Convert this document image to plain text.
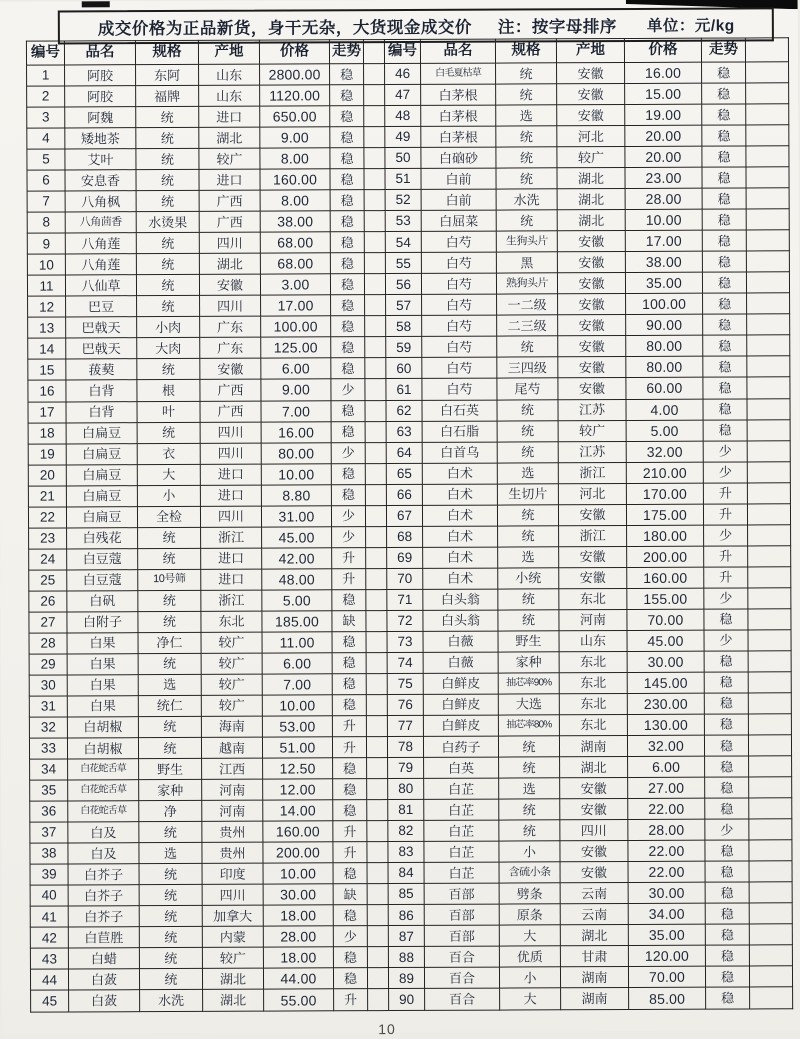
成交价格为正品新货，身干无杂，大货现金成交价 注：按字母排序 单位：元/kg
编号	品名	规格	产地	价格	走势		编号	品名	规格	产地	价格	走势	
1	阿胶	东阿	山东	2800.00	稳		46	白毛夏枯草	统	安徽	16.00	稳	
2	阿胶	福牌	山东	1120.00	稳		47	白茅根	统	安徽	15.00	稳	
3	阿魏	统	进口	650.00	稳		48	白茅根	选	安徽	19.00	稳	
4	矮地茶	统	湖北	9.00	稳		49	白茅根	统	河北	20.00	稳	
5	艾叶	统	较广	8.00	稳		50	白硇砂	统	较广	20.00	稳	
6	安息香	统	进口	160.00	稳		51	白前	统	湖北	23.00	稳	
7	八角枫	统	广西	8.00	稳		52	白前	水洗	湖北	28.00	稳	
8	八角茴香	水烫果	广西	38.00	稳		53	白屈菜	统	湖北	10.00	稳	
9	八角莲	统	四川	68.00	稳		54	白芍	生狗头片	安徽	17.00	稳	
10	八角莲	统	湖北	68.00	稳		55	白芍	黑	安徽	38.00	稳	
11	八仙草	统	安徽	3.00	稳		56	白芍	熟狗头片	安徽	35.00	稳	
12	巴豆	统	四川	17.00	稳		57	白芍	一二级	安徽	100.00	稳	
13	巴戟天	小肉	广东	100.00	稳		58	白芍	二三级	安徽	90.00	稳	
14	巴戟天	大肉	广东	125.00	稳		59	白芍	统	安徽	80.00	稳	
15	菝葜	统	安徽	6.00	稳		60	白芍	三四级	安徽	80.00	稳	
16	白背	根	广西	9.00	少		61	白芍	尾芍	安徽	60.00	稳	
17	白背	叶	广西	7.00	稳		62	白石英	统	江苏	4.00	稳	
18	白扁豆	统	四川	16.00	稳		63	白石脂	统	较广	5.00	稳	
19	白扁豆	衣	四川	80.00	少		64	白首乌	统	江苏	32.00	少	
20	白扁豆	大	进口	10.00	稳		65	白术	选	浙江	210.00	少	
21	白扁豆	小	进口	8.80	稳		66	白术	生切片	河北	170.00	升	
22	白扁豆	全检	四川	31.00	少		67	白术	统	安徽	175.00	升	
23	白残花	统	浙江	45.00	少		68	白术	统	浙江	180.00	少	
24	白豆蔻	统	进口	42.00	升		69	白术	选	安徽	200.00	升	
25	白豆蔻	10号筛	进口	48.00	升		70	白术	小统	安徽	160.00	升	
26	白矾	统	浙江	5.00	稳		71	白头翁	统	东北	155.00	少	
27	白附子	统	东北	185.00	缺		72	白头翁	统	河南	70.00	稳	
28	白果	净仁	较广	11.00	稳		73	白薇	野生	山东	45.00	少	
29	白果	统	较广	6.00	稳		74	白薇	家种	东北	30.00	稳	
30	白果	选	较广	7.00	稳		75	白鲜皮	抽芯率90%	东北	145.00	稳	
31	白果	统仁	较广	10.00	稳		76	白鲜皮	大选	东北	230.00	稳	
32	白胡椒	统	海南	53.00	升		77	白鲜皮	抽芯率80%	东北	130.00	稳	
33	白胡椒	统	越南	51.00	升		78	白药子	统	湖南	32.00	稳	
34	白花蛇舌草	野生	江西	12.50	稳		79	白英	统	湖北	6.00	稳	
35	白花蛇舌草	家种	河南	12.00	稳		80	白芷	选	安徽	27.00	稳	
36	白花蛇舌草	净	河南	14.00	稳		81	白芷	统	安徽	22.00	稳	
37	白及	统	贵州	160.00	升		82	白芷	统	四川	28.00	少	
38	白及	选	贵州	200.00	升		83	白芷	小	安徽	22.00	稳	
39	白芥子	统	印度	10.00	稳		84	白芷	含硫小条	安徽	22.00	稳	
40	白芥子	统	四川	30.00	缺		85	百部	劈条	云南	30.00	稳	
41	白芥子	统	加拿大	18.00	稳		86	百部	原条	云南	34.00	稳	
42	白苣胜	统	内蒙	28.00	少		87	百部	大	湖北	35.00	稳	
43	白蜡	统	较广	18.00	稳		88	百合	优质	甘肃	120.00	稳	
44	白蔹	统	湖北	44.00	稳		89	百合	小	湖南	70.00	稳	
45	白蔹	水洗	湖北	55.00	升		90	百合	大	湖南	85.00	稳	
10
